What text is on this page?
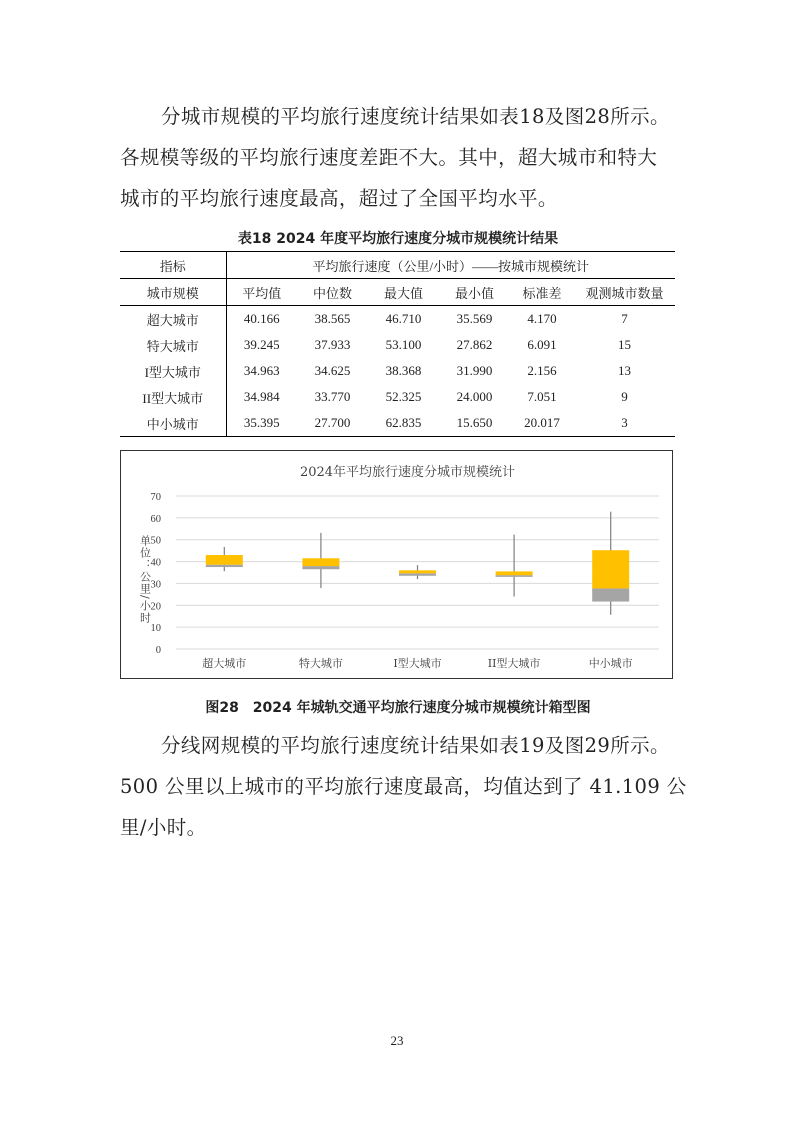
分城市规模的平均旅行速度统计结果如表18及图28所示。
各规模等级的平均旅行速度差距不大。其中，超大城市和特大
城市的平均旅行速度最高，超过了全国平均水平。
表18 2024 年度平均旅行速度分城市规模统计结果
指标	平均旅行速度（公里/小时）——按城市规模统计					
城市规模	平均值	中位数	最大值	最小值	标准差	观测城市数量
超大城市	40.166	38.565	46.710	35.569	4.170	7
特大城市	39.245	37.933	53.100	27.862	6.091	15
I型大城市	34.963	34.625	38.368	31.990	2.156	13
II型大城市	34.984	33.770	52.325	24.000	7.051	9
中小城市	35.395	27.700	62.835	15.650	20.017	3
2024年平均旅行速度分城市规模统计
0
10
20
30
40
50
60
70
单位：公里/小时
超大城市	特大城市	I型大城市	II型大城市	中小城市
图28　2024 年城轨交通平均旅行速度分城市规模统计箱型图
分线网规模的平均旅行速度统计结果如表19及图29所示。
500 公里以上城市的平均旅行速度最高，均值达到了 41.109 公
里/小时。
23
